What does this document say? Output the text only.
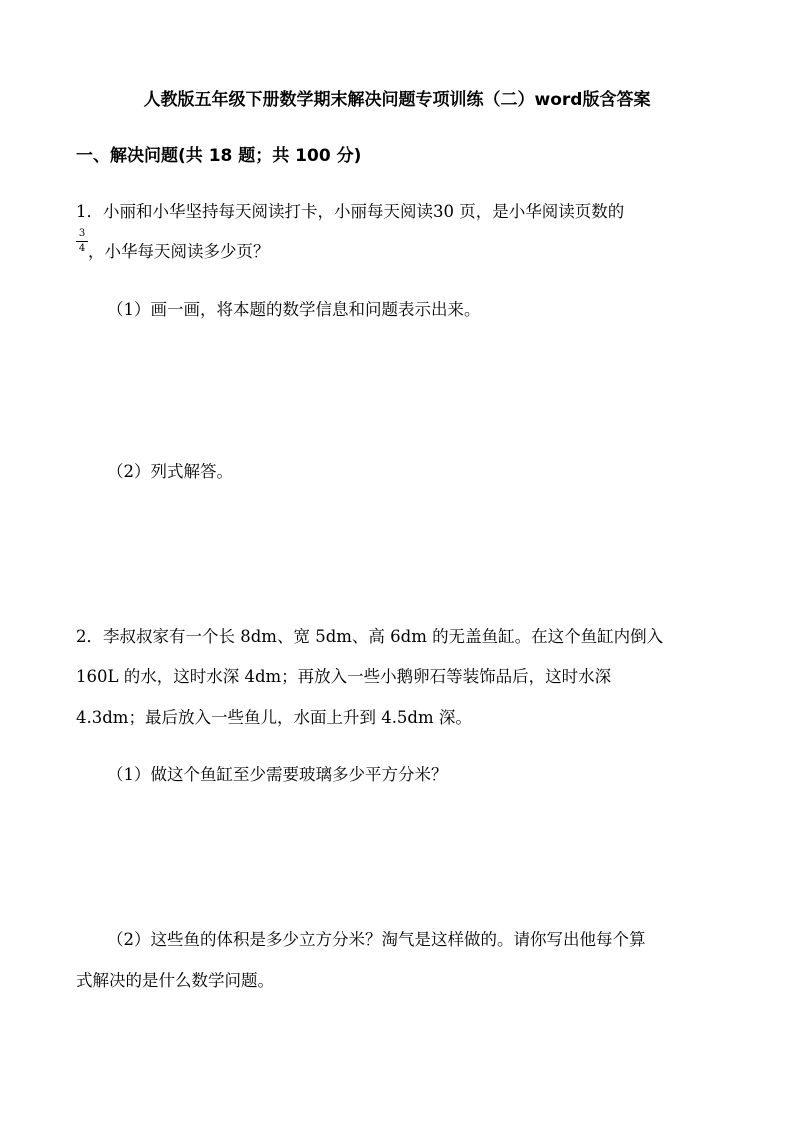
人教版五年级下册数学期末解决问题专项训练（二）word版含答案
一、解决问题(共 18 题；共 100 分)
1．小丽和小华坚持每天阅读打卡，小丽每天阅读30 页，是小华阅读页数的
3
4 ，小华每天阅读多少页？
（1）画一画，将本题的数学信息和问题表示出来。
（2）列式解答。
2．李叔叔家有一个长 8dm、宽 5dm、高 6dm 的无盖鱼缸。在这个鱼缸内倒入
160L 的水，这时水深 4dm；再放入一些小鹅卵石等装饰品后，这时水深
4.3dm；最后放入一些鱼儿，水面上升到 4.5dm 深。
（1）做这个鱼缸至少需要玻璃多少平方分米？
（2）这些鱼的体积是多少立方分米？淘气是这样做的。请你写出他每个算
式解决的是什么数学问题。
